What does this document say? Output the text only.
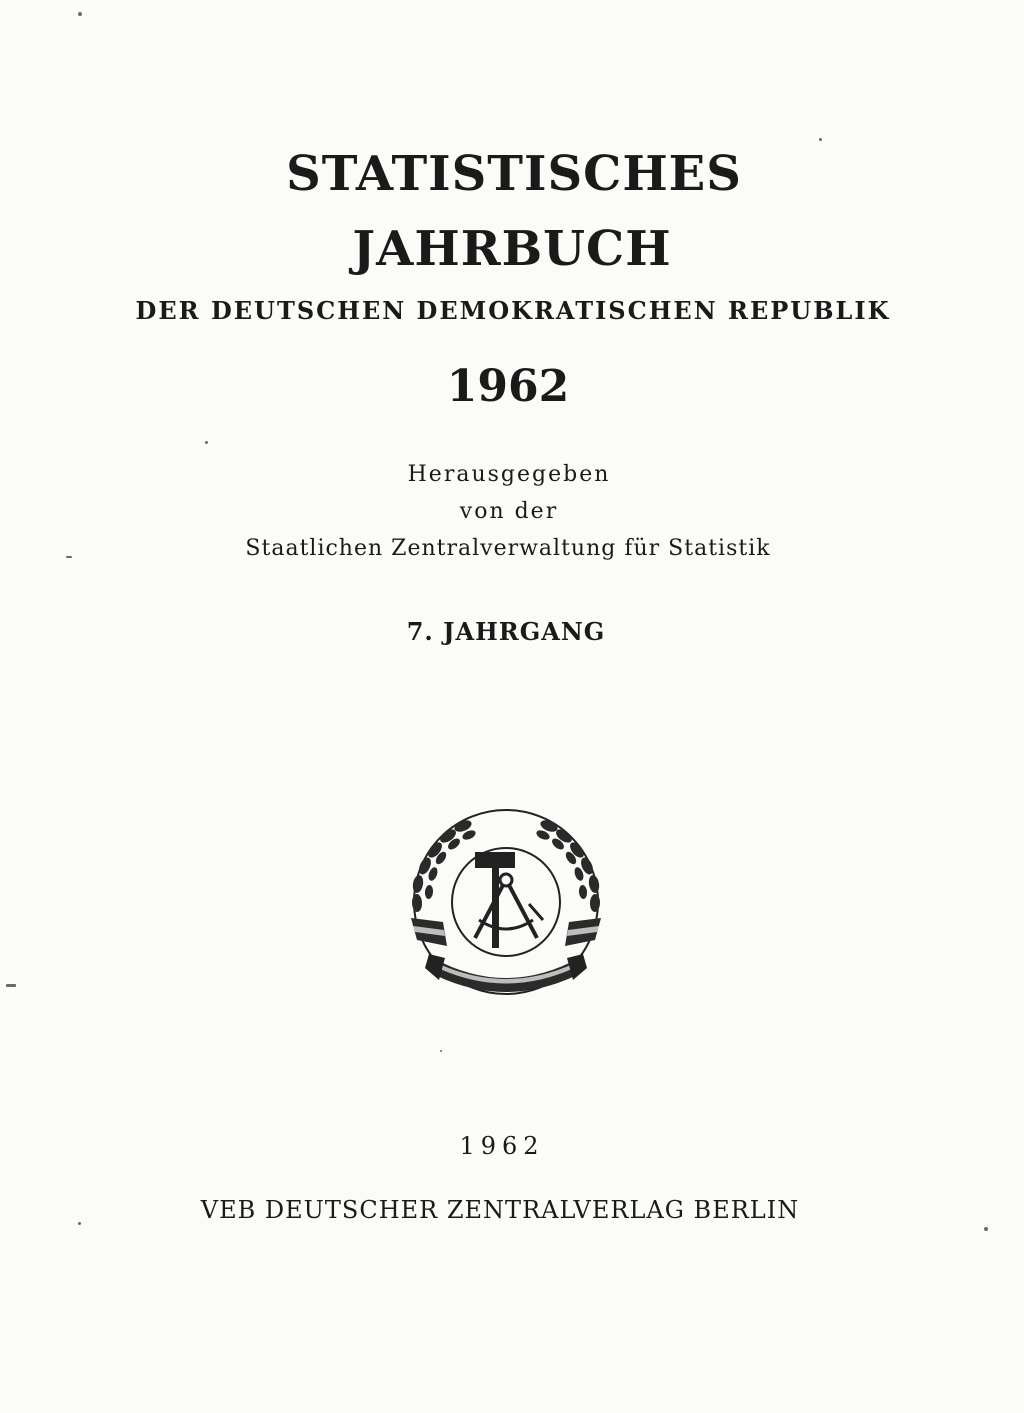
STATISTISCHES
JAHRBUCH
DER DEUTSCHEN DEMOKRATISCHEN REPUBLIK
1962
Herausgegeben
von der
Staatlichen Zentralverwaltung für Statistik
7. JAHRGANG
1962
VEB DEUTSCHER ZENTRALVERLAG BERLIN
